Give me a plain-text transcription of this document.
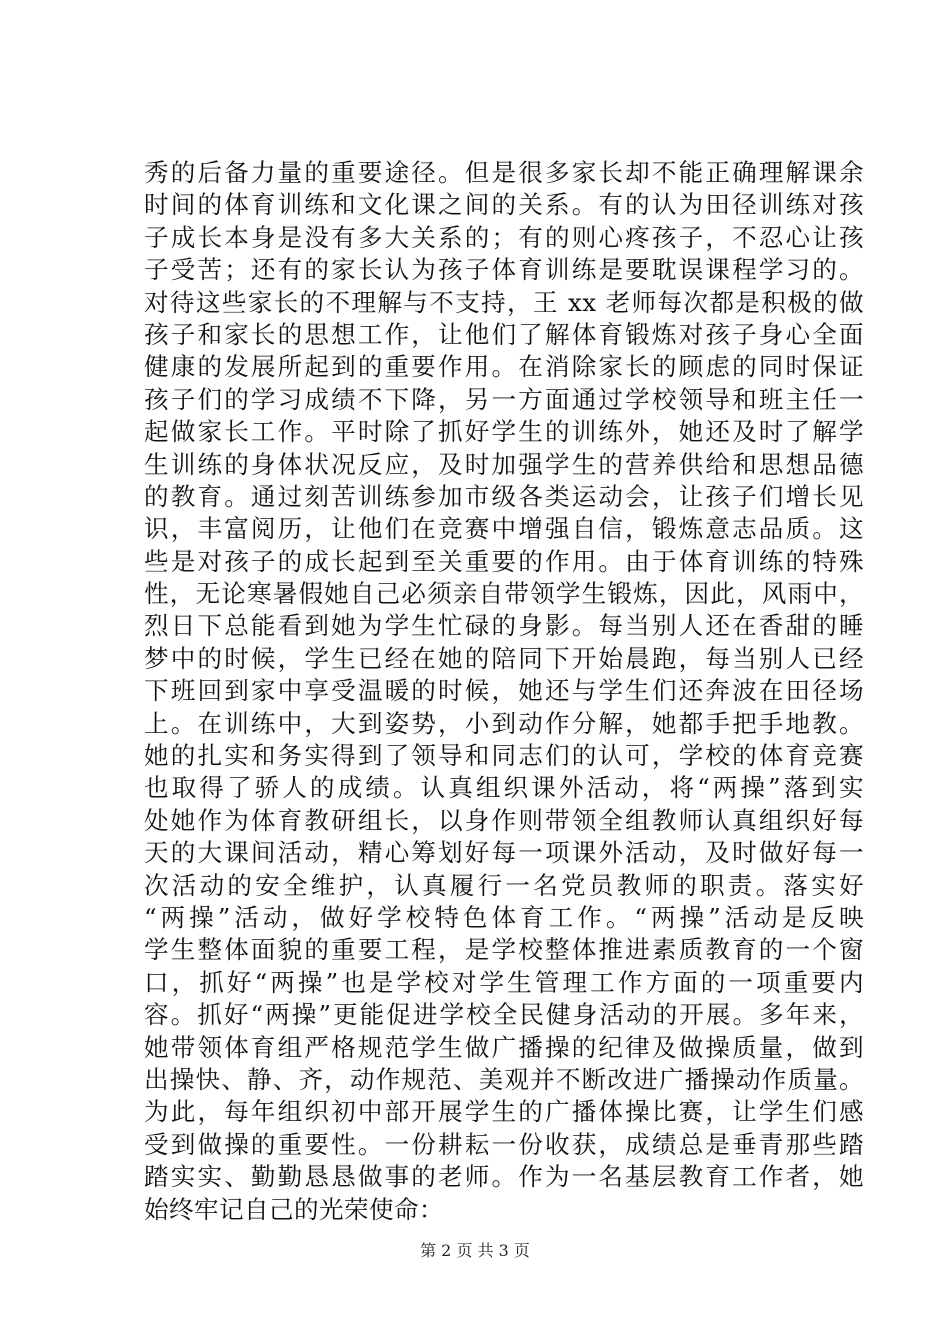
秀的后备力量的重要途径。但是很多家长却不能正确理解课余
时间的体育训练和文化课之间的关系。有的认为田径训练对孩
子成长本身是没有多大关系的；有的则心疼孩子，不忍心让孩
子受苦；还有的家长认为孩子体育训练是要耽误课程学习的。
对待这些家长的不理解与不支持，王 xx 老师每次都是积极的做
孩子和家长的思想工作，让他们了解体育锻炼对孩子身心全面
健康的发展所起到的重要作用。在消除家长的顾虑的同时保证
孩子们的学习成绩不下降，另一方面通过学校领导和班主任一
起做家长工作。平时除了抓好学生的训练外，她还及时了解学
生训练的身体状况反应，及时加强学生的营养供给和思想品德
的教育。通过刻苦训练参加市级各类运动会，让孩子们增长见
识，丰富阅历，让他们在竞赛中增强自信，锻炼意志品质。这
些是对孩子的成长起到至关重要的作用。由于体育训练的特殊
性，无论寒暑假她自己必须亲自带领学生锻炼，因此，风雨中，
烈日下总能看到她为学生忙碌的身影。每当别人还在香甜的睡
梦中的时候，学生已经在她的陪同下开始晨跑，每当别人已经
下班回到家中享受温暖的时候，她还与学生们还奔波在田径场
上。在训练中，大到姿势，小到动作分解，她都手把手地教。
她的扎实和务实得到了领导和同志们的认可，学校的体育竞赛
也取得了骄人的成绩。认真组织课外活动，将“两操”落到实
处她作为体育教研组长，以身作则带领全组教师认真组织好每
天的大课间活动，精心筹划好每一项课外活动，及时做好每一
次活动的安全维护，认真履行一名党员教师的职责。落实好
“两操”活动，做好学校特色体育工作。“两操”活动是反映
学生整体面貌的重要工程，是学校整体推进素质教育的一个窗
口，抓好“两操”也是学校对学生管理工作方面的一项重要内
容。抓好“两操”更能促进学校全民健身活动的开展。多年来，
她带领体育组严格规范学生做广播操的纪律及做操质量，做到
出操快、静、齐，动作规范、美观并不断改进广播操动作质量。
为此，每年组织初中部开展学生的广播体操比赛，让学生们感
受到做操的重要性。一份耕耘一份收获，成绩总是垂青那些踏
踏实实、勤勤恳恳做事的老师。作为一名基层教育工作者，她
始终牢记自己的光荣使命：
第 2 页 共 3 页
